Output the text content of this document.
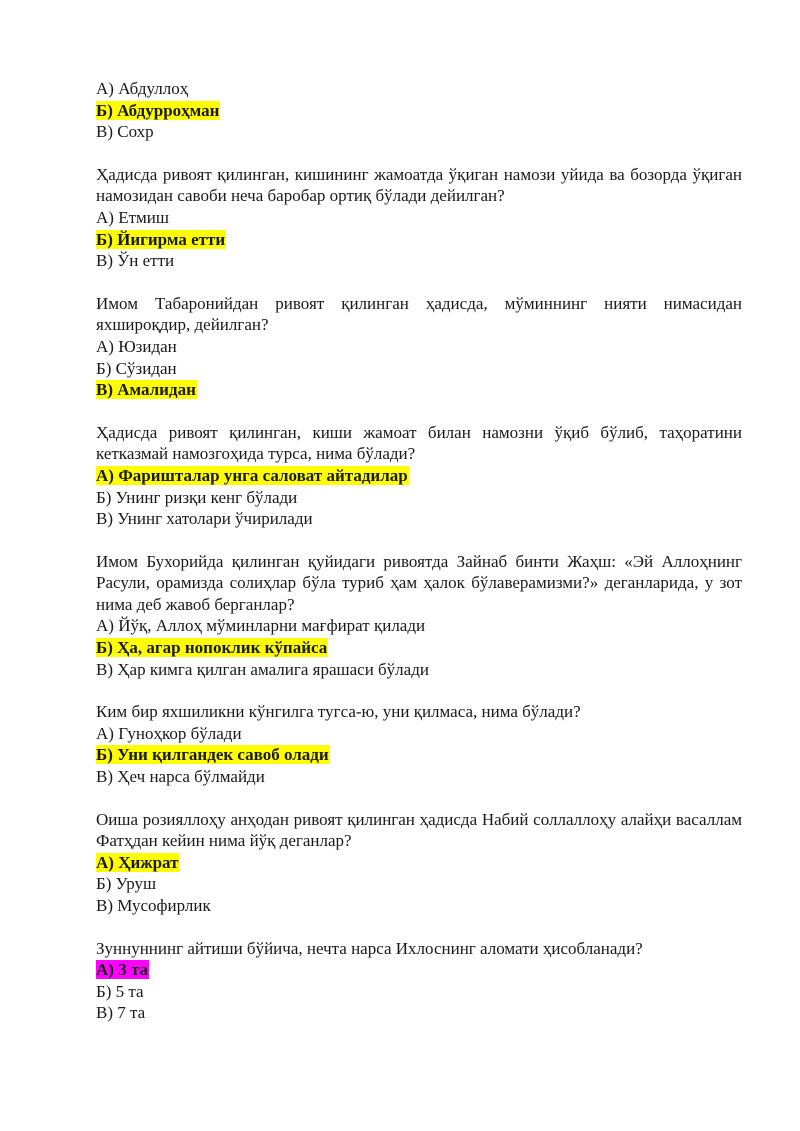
А) Абдуллоҳ
Б) Абдурроҳман
В) Сохр
Ҳадисда ривоят қилинган, кишининг жамоатда ўқиган намози уйида ва бозорда ўқиган намозидан савоби неча баробар ортиқ бўлади дейилган?
А) Етмиш
Б) Йигирма етти
В) Ўн етти
Имом Табаронийдан ривоят қилинган ҳадисда, мўминнинг нияти нимасидан яхшироқдир, дейилган?
А) Юзидан
Б) Сўзидан
В) Амалидан
Ҳадисда ривоят қилинган, киши жамоат билан намозни ўқиб бўлиб, таҳоратини кетказмай намозгоҳида турса, нима бўлади?
А) Фаришталар унга саловат айтадилар
Б) Унинг ризқи кенг бўлади
В) Унинг хатолари ўчирилади
Имом Бухорийда қилинган қуйидаги ривоятда Зайнаб бинти Жаҳш: «Эй Аллоҳнинг Расули, орамизда солиҳлар бўла туриб ҳам ҳалок бўлаверамизми?» деганларида, у зот нима деб жавоб берганлар?
А) Йўқ, Аллоҳ мўминларни мағфират қилади
Б) Ҳа, агар нопоклик кўпайса
В) Ҳар кимга қилган амалига ярашаси бўлади
Ким бир яхшиликни кўнгилга тугса-ю, уни қилмаса, нима бўлади?
А) Гуноҳкор бўлади
Б) Уни қилгандек савоб олади
В) Ҳеч нарса бўлмайди
Оиша розияллоҳу анҳодан ривоят қилинган ҳадисда Набий соллаллоҳу алайҳи васаллам Фатҳдан кейин нима йўқ деганлар?
А) Ҳижрат
Б) Уруш
В) Мусофирлик
Зуннуннинг айтиши бўйича, нечта нарса Ихлоснинг аломати ҳисобланади?
А) 3 та
Б) 5 та
В) 7 та
